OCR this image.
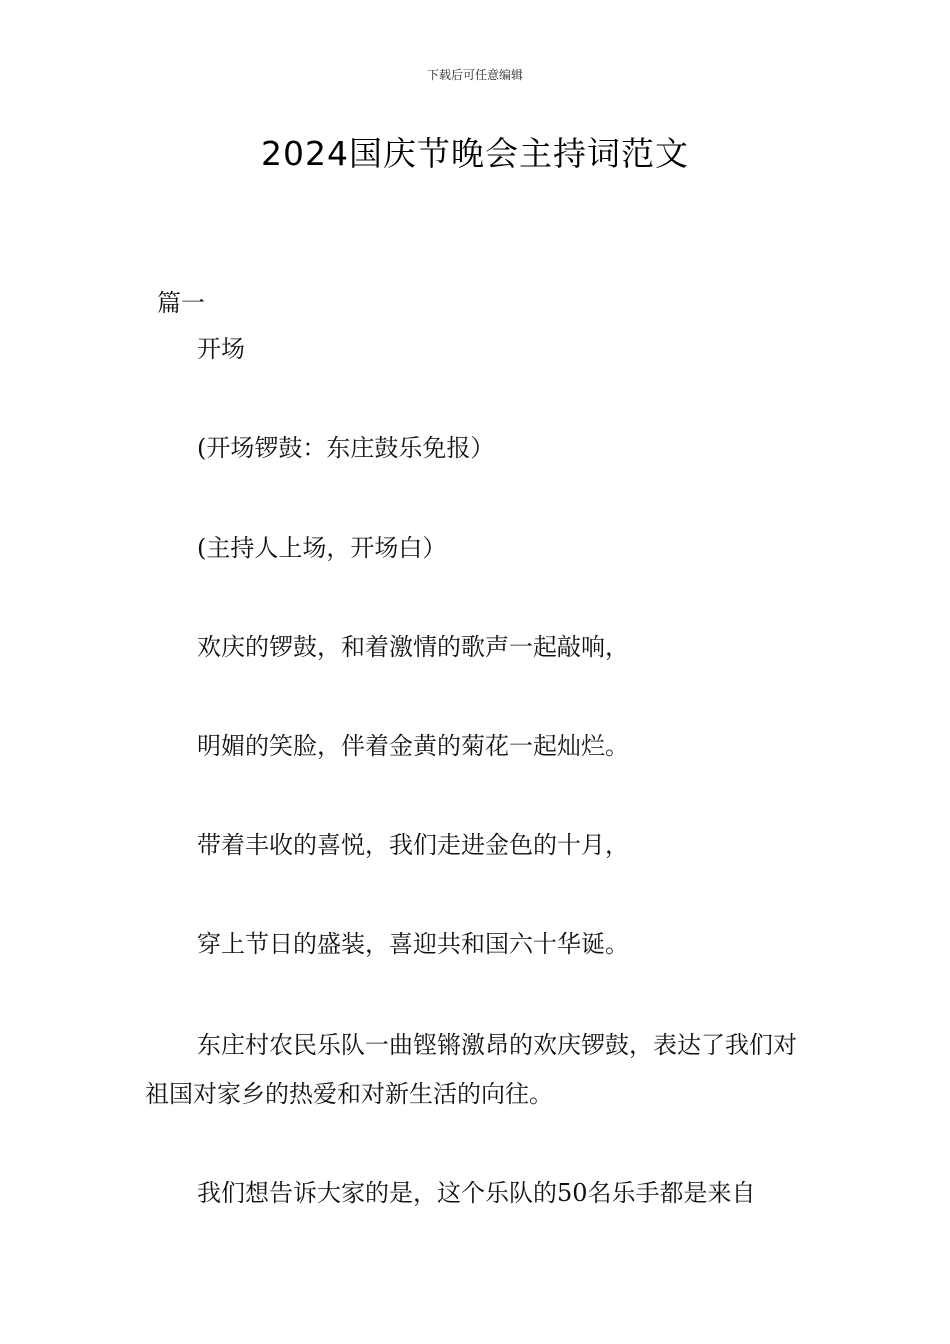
下载后可任意编辑
2024国庆节晚会主持词范文
篇一

开场

(开场锣鼓：东庄鼓乐免报）

(主持人上场，开场白）

欢庆的锣鼓，和着激情的歌声一起敲响，

明媚的笑脸，伴着金黄的菊花一起灿烂。

带着丰收的喜悦，我们走进金色的十月，

穿上节日的盛装，喜迎共和国六十华诞。

东庄村农民乐队一曲铿锵激昂的欢庆锣鼓，表达了我们对祖国对家乡的热爱和对新生活的向往。

我们想告诉大家的是，这个乐队的50名乐手都是来自
